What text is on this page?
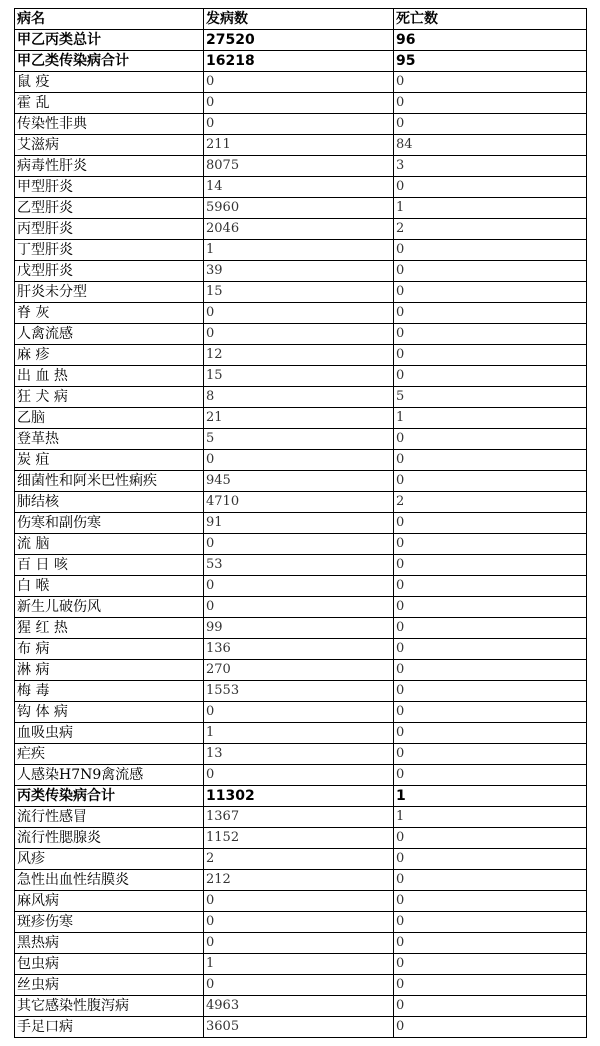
病名	发病数	死亡数
甲乙丙类总计	27520	96
甲乙类传染病合计	16218	95
鼠 疫	0	0
霍 乱	0	0
传染性非典	0	0
艾滋病	211	84
病毒性肝炎	8075	3
甲型肝炎	14	0
乙型肝炎	5960	1
丙型肝炎	2046	2
丁型肝炎	1	0
戊型肝炎	39	0
肝炎未分型	15	0
脊 灰	0	0
人禽流感	0	0
麻 疹	12	0
出 血 热	15	0
狂 犬 病	8	5
乙脑	21	1
登革热	5	0
炭 疽	0	0
细菌性和阿米巴性痢疾	945	0
肺结核	4710	2
伤寒和副伤寒	91	0
流 脑	0	0
百 日 咳	53	0
白 喉	0	0
新生儿破伤风	0	0
猩 红 热	99	0
布 病	136	0
淋 病	270	0
梅 毒	1553	0
钩 体 病	0	0
血吸虫病	1	0
疟疾	13	0
人感染H7N9禽流感	0	0
丙类传染病合计	11302	1
流行性感冒	1367	1
流行性腮腺炎	1152	0
风疹	2	0
急性出血性结膜炎	212	0
麻风病	0	0
斑疹伤寒	0	0
黑热病	0	0
包虫病	1	0
丝虫病	0	0
其它感染性腹泻病	4963	0
手足口病	3605	0
